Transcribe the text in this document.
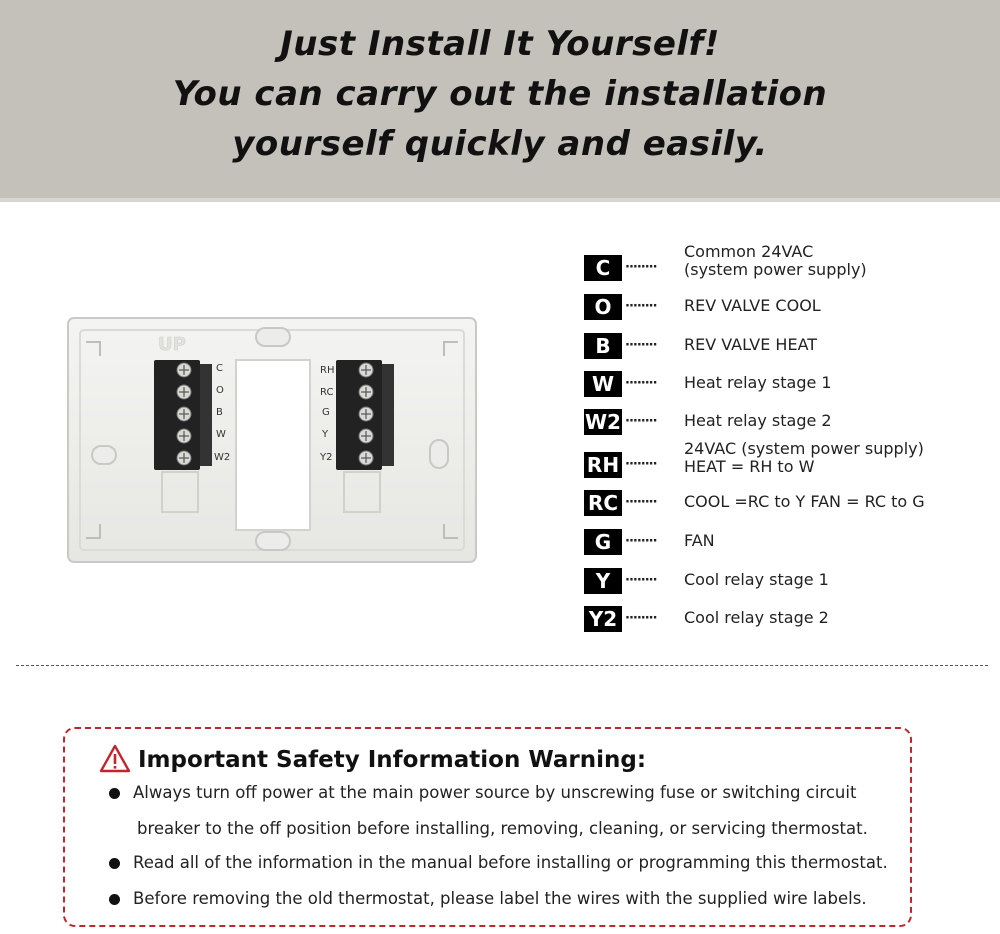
Just Install It Yourself!
You can carry out the installation
yourself quickly and easily.
UP
C
O
B
W
W2
RH
RC
G
Y
Y2
C	········
Common 24VAC
(system power supply)
O	········	REV VALVE COOL
B	········	REV VALVE HEAT
W ········	Heat relay stage 1
W2 ········	Heat relay stage 2
RH ········
24VAC (system power supply)
HEAT = RH to W
RC ········	COOL =RC to Y FAN = RC to G
G	········	FAN
Y	········	Cool relay stage 1
Y2 ········	Cool relay stage 2
Important Safety Information Warning:
Always turn off power at the main power source by unscrewing fuse or switching circuit
breaker to the off position before installing, removing, cleaning, or servicing thermostat.
Read all of the information in the manual before installing or programming this thermostat.
Before removing the old thermostat, please label the wires with the supplied wire labels.
